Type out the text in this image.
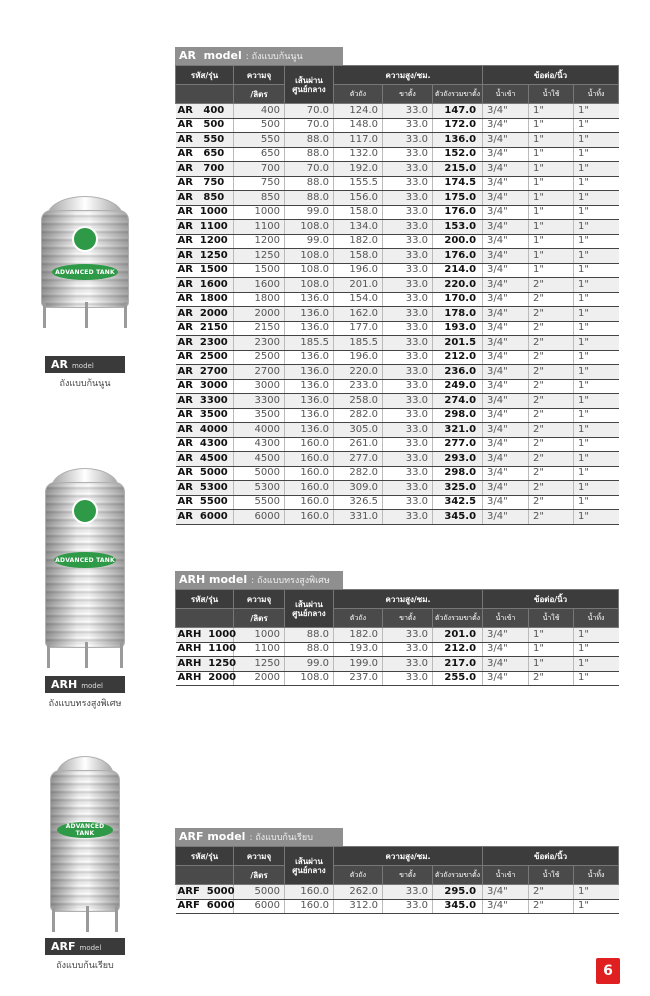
ADVANCED TANK
AR model
ถังแบบก้นนูน
ADVANCED TANK
ARH model
ถังแบบทรงสูงพิเศษ
ADVANCED TANK
ARF model
ถังแบบก้นเรียบ
AR  model : ถังแบบก้นนูน
รหัส/รุ่น	ความจุ	เส้นผ่าน ศูนย์กลาง	ความสูง/ซม.			ข้อต่อ/นิ้ว		
	/ลิตร		ตัวถัง	ขาตั้ง	ตัวถังรวมขาตั้ง	น้ำเข้า	น้ำใช้	น้ำทิ้ง
AR   400	400	70.0	124.0	33.0	147.0	3/4"	1"	1"
AR   500	500	70.0	148.0	33.0	172.0	3/4"	1"	1"
AR   550	550	88.0	117.0	33.0	136.0	3/4"	1"	1"
AR   650	650	88.0	132.0	33.0	152.0	3/4"	1"	1"
AR   700	700	70.0	192.0	33.0	215.0	3/4"	1"	1"
AR   750	750	88.0	155.5	33.0	174.5	3/4"	1"	1"
AR   850	850	88.0	156.0	33.0	175.0	3/4"	1"	1"
AR  1000	1000	99.0	158.0	33.0	176.0	3/4"	1"	1"
AR  1100	1100	108.0	134.0	33.0	153.0	3/4"	1"	1"
AR  1200	1200	99.0	182.0	33.0	200.0	3/4"	1"	1"
AR  1250	1250	108.0	158.0	33.0	176.0	3/4"	1"	1"
AR  1500	1500	108.0	196.0	33.0	214.0	3/4"	1"	1"
AR  1600	1600	108.0	201.0	33.0	220.0	3/4"	2"	1"
AR  1800	1800	136.0	154.0	33.0	170.0	3/4"	2"	1"
AR  2000	2000	136.0	162.0	33.0	178.0	3/4"	2"	1"
AR  2150	2150	136.0	177.0	33.0	193.0	3/4"	2"	1"
AR  2300	2300	185.5	185.5	33.0	201.5	3/4"	2"	1"
AR  2500	2500	136.0	196.0	33.0	212.0	3/4"	2"	1"
AR  2700	2700	136.0	220.0	33.0	236.0	3/4"	2"	1"
AR  3000	3000	136.0	233.0	33.0	249.0	3/4"	2"	1"
AR  3300	3300	136.0	258.0	33.0	274.0	3/4"	2"	1"
AR  3500	3500	136.0	282.0	33.0	298.0	3/4"	2"	1"
AR  4000	4000	136.0	305.0	33.0	321.0	3/4"	2"	1"
AR  4300	4300	160.0	261.0	33.0	277.0	3/4"	2"	1"
AR  4500	4500	160.0	277.0	33.0	293.0	3/4"	2"	1"
AR  5000	5000	160.0	282.0	33.0	298.0	3/4"	2"	1"
AR  5300	5300	160.0	309.0	33.0	325.0	3/4"	2"	1"
AR  5500	5500	160.0	326.5	33.0	342.5	3/4"	2"	1"
AR  6000	6000	160.0	331.0	33.0	345.0	3/4"	2"	1"
ARH model : ถังแบบทรงสูงพิเศษ
รหัส/รุ่น	ความจุ	เส้นผ่าน ศูนย์กลาง	ความสูง/ซม.			ข้อต่อ/นิ้ว		
	/ลิตร		ตัวถัง	ขาตั้ง	ตัวถังรวมขาตั้ง	น้ำเข้า	น้ำใช้	น้ำทิ้ง
ARH  1000	1000	88.0	182.0	33.0	201.0	3/4"	1"	1"
ARH  1100	1100	88.0	193.0	33.0	212.0	3/4"	1"	1"
ARH  1250	1250	99.0	199.0	33.0	217.0	3/4"	1"	1"
ARH  2000	2000	108.0	237.0	33.0	255.0	3/4"	2"	1"
ARF model : ถังแบบก้นเรียบ
รหัส/รุ่น	ความจุ	เส้นผ่าน ศูนย์กลาง	ความสูง/ซม.			ข้อต่อ/นิ้ว		
	/ลิตร		ตัวถัง	ขาตั้ง	ตัวถังรวมขาตั้ง	น้ำเข้า	น้ำใช้	น้ำทิ้ง
ARF  5000	5000	160.0	262.0	33.0	295.0	3/4"	2"	1"
ARF  6000	6000	160.0	312.0	33.0	345.0	3/4"	2"	1"
6
